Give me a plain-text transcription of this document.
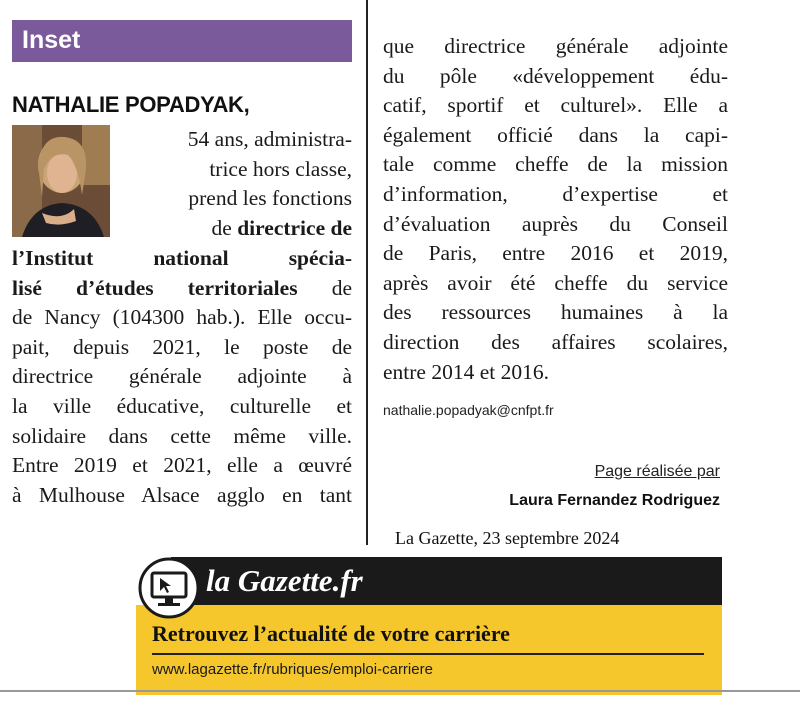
Inset
NATHALIE POPADYAK,

54 ans, administra-

trice hors classe,

prend les fonctions

de directrice de

l’Institut national spécia-

lisé d’études territoriales de

de Nancy (104300 hab.). Elle occu-

pait, depuis 2021, le poste de

directrice générale adjointe à

la ville éducative, culturelle et

solidaire dans cette même ville.

Entre 2019 et 2021, elle a œuvré

à Mulhouse Alsace agglo en tant

que directrice générale adjointe

du pôle «développement édu-

catif, sportif et culturel». Elle a

également officié dans la capi-

tale comme cheffe de la mission

d’information, d’expertise et

d’évaluation auprès du Conseil

de Paris, entre 2016 et 2019,

après avoir été cheffe du service

des ressources humaines à la

direction des affaires scolaires,

entre 2014 et 2016.

nathalie.popadyak@cnfpt.fr
Page réalisée par
Laura Fernandez Rodriguez
La Gazette, 23 septembre 2024
la Gazette.fr
Retrouvez l’actualité de votre carrière
www.lagazette.fr/rubriques/emploi-carriere
